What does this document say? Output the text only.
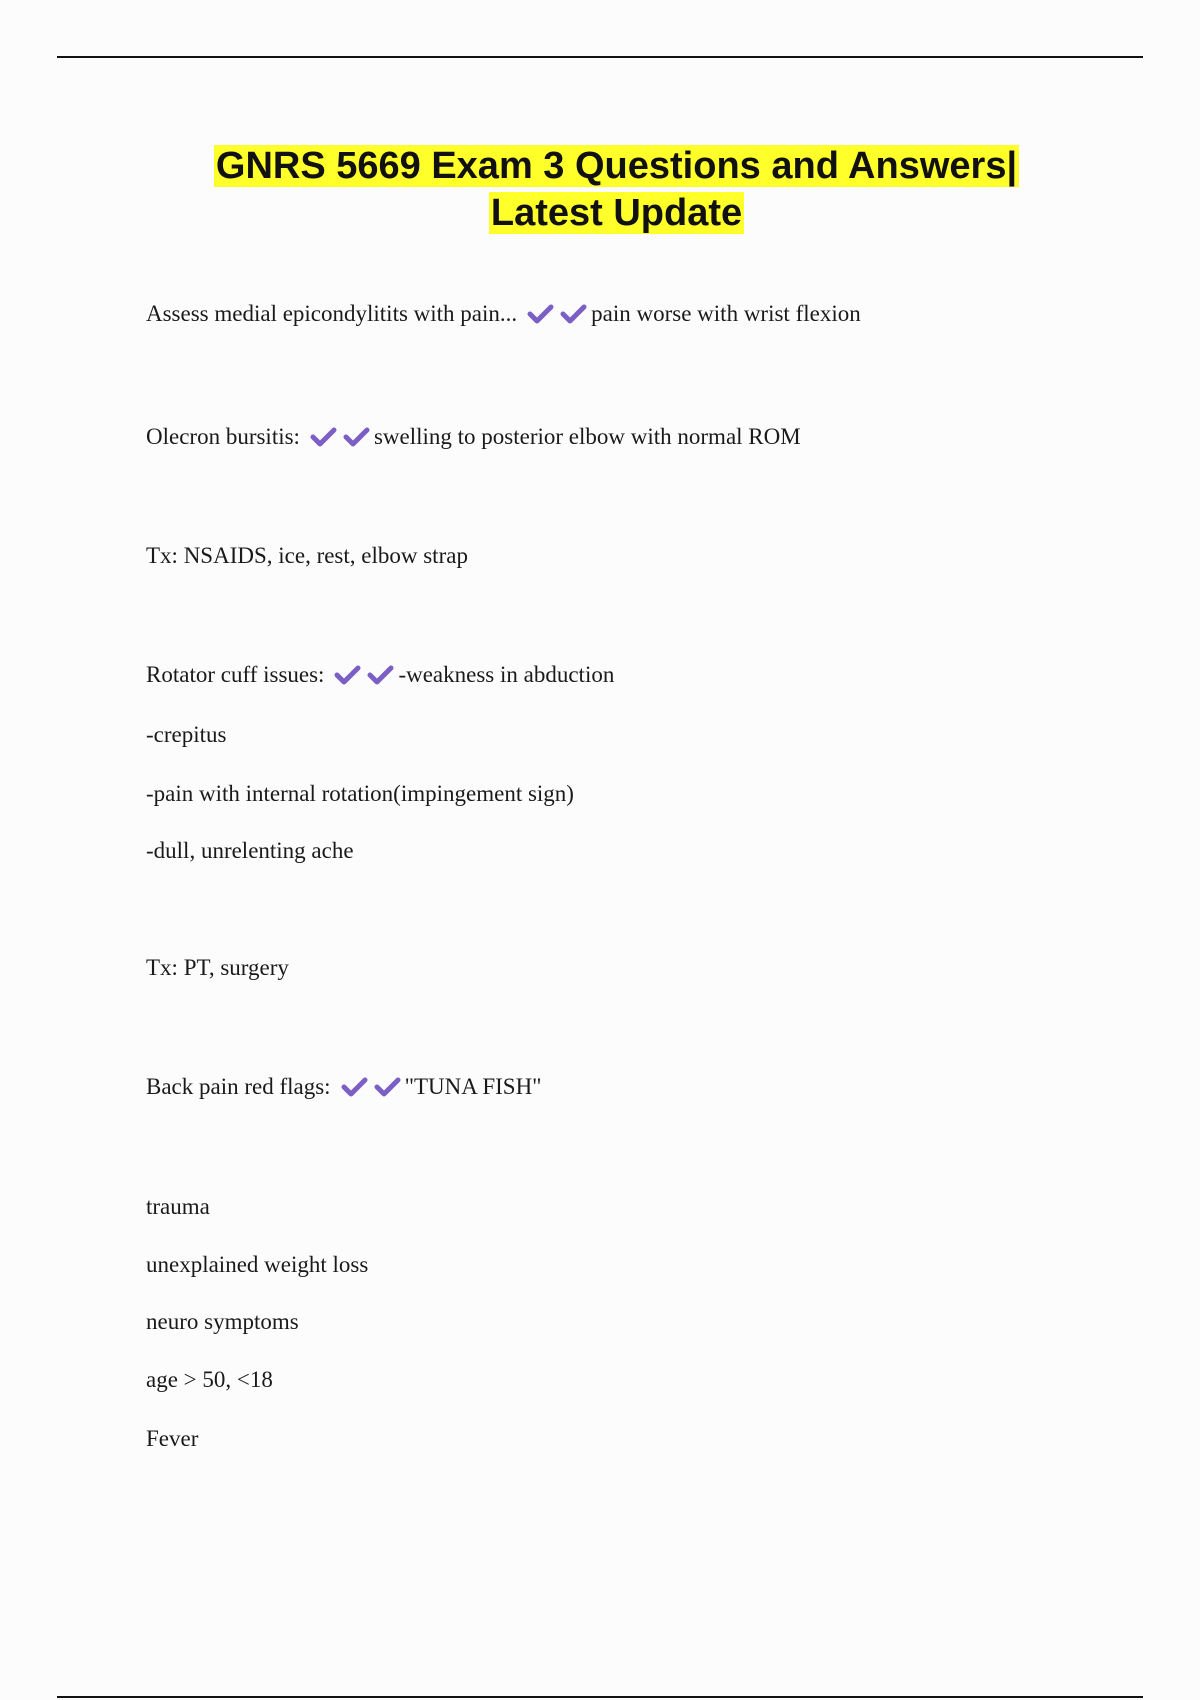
GNRS 5669 Exam 3 Questions and Answers|
Latest Update
Assess medial epicondylitits with pain...	pain worse with wrist flexion
Olecron bursitis:	swelling to posterior elbow with normal ROM
Tx: NSAIDS, ice, rest, elbow strap
Rotator cuff issues:	-weakness in abduction
-crepitus
-pain with internal rotation(impingement sign)
-dull, unrelenting ache
Tx: PT, surgery
Back pain red flags:	"TUNA FISH"
trauma
unexplained weight loss
neuro symptoms
age > 50, <18
Fever
